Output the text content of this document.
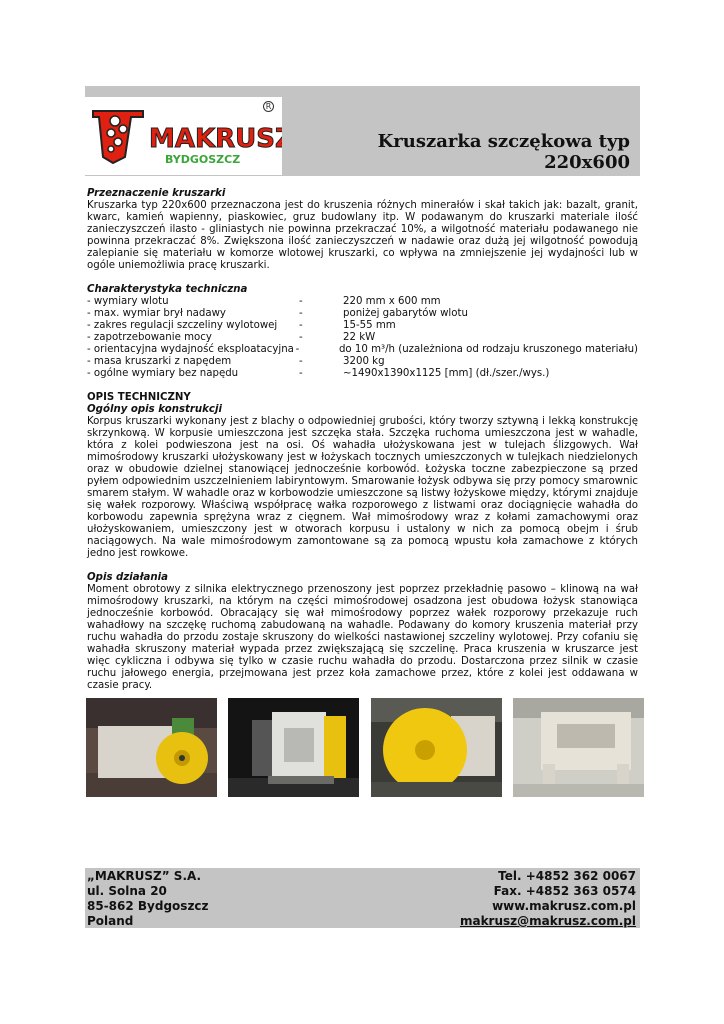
MAKRUSZ
BYDGOSZCZ
R
Kruszarka szczękowa typ 220x600

Przeznaczenie kruszarki

Kruszarka typ 220x600 przeznaczona jest do kruszenia różnych minerałów i skał takich jak: bazalt, granit, kwarc, kamień wapienny, piaskowiec, gruz budowlany itp. W podawanym do kruszarki materiale ilość zanieczyszczeń ilasto - gliniastych nie powinna przekraczać 10%, a wilgotność materiału podawanego nie powinna przekraczać 8%. Zwiększona ilość zanieczyszczeń w nadawie oraz dużą jej wilgotność powodują zalepianie się materiału w komorze wlotowej kruszarki, co wpływa na zmniejszenie jej wydajności lub w ogóle uniemożliwia pracę kruszarki.

Charakterystyka techniczna

- wymiary wlotu	-	220 mm x 600 mm
- max. wymiar brył nadawy	-	poniżej gabarytów wlotu
- zakres regulacji szczeliny wylotowej	-	15-55 mm
- zapotrzebowanie mocy	-	22 kW
- orientacyjna wydajność eksploatacyjna -	do 10 m³/h (uzależniona od rodzaju kruszonego materiału)
- masa kruszarki z napędem	-	3200 kg
- ogólne wymiary bez napędu	-	~1490x1390x1125 [mm] (dł./szer./wys.)

OPIS TECHNICZNY

Ogólny opis konstrukcji

Korpus kruszarki wykonany jest z blachy o odpowiedniej grubości, który tworzy sztywną i lekką konstrukcję skrzynkową. W korpusie umieszczona jest szczęka stała. Szczęka ruchoma umieszczona jest w wahadle, która z kolei podwieszona jest na osi. Oś wahadła ułożyskowana jest w tulejach ślizgowych. Wał mimośrodowy kruszarki ułożyskowany jest w łożyskach tocznych umieszczonych w tulejkach niedzielonych oraz w obudowie dzielnej stanowiącej jednocześnie korbowód. Łożyska toczne zabezpieczone są przed pyłem odpowiednim uszczelnieniem labiryntowym. Smarowanie łożysk odbywa się przy pomocy smarownic smarem stałym. W wahadle oraz w korbowodzie umieszczone są listwy łożyskowe między, którymi znajduje się wałek rozporowy. Właściwą współpracę wałka rozporowego z listwami oraz dociągnięcie wahadła do korbowodu zapewnia sprężyna wraz z cięgnem. Wał mimośrodowy wraz z kołami zamachowymi oraz ułożyskowaniem, umieszczony jest w otworach korpusu i ustalony w nich za pomocą obejm i śrub naciągowych. Na wale mimośrodowym zamontowane są za pomocą wpustu koła zamachowe z których jedno jest rowkowe.

Opis działania

Moment obrotowy z silnika elektrycznego przenoszony jest poprzez przekładnię pasowo – klinową na wał mimośrodowy kruszarki, na którym na części mimośrodowej osadzona jest obudowa łożysk stanowiąca jednocześnie korbowód. Obracający się wał mimośrodowy poprzez wałek rozporowy przekazuje ruch wahadłowy na szczękę ruchomą zabudowaną na wahadle. Podawany do komory kruszenia materiał przy ruchu wahadła do przodu zostaje skruszony do wielkości nastawionej szczeliny wylotowej. Przy cofaniu się wahadła skruszony materiał wypada przez zwiększającą się szczelinę. Praca kruszenia w kruszarce jest więc cykliczna i odbywa się tylko w czasie ruchu wahadła do przodu. Dostarczona przez silnik w czasie ruchu jałowego energia, przejmowana jest przez koła zamachowe przez, które z kolei jest oddawana w czasie pracy.

„MAKRUSZ” S.A.
ul. Solna 20
85-862 Bydgoszcz
Poland
Tel. +4852 362 0067
Fax. +4852 363 0574
www.makrusz.com.pl
makrusz@makrusz.com.pl
